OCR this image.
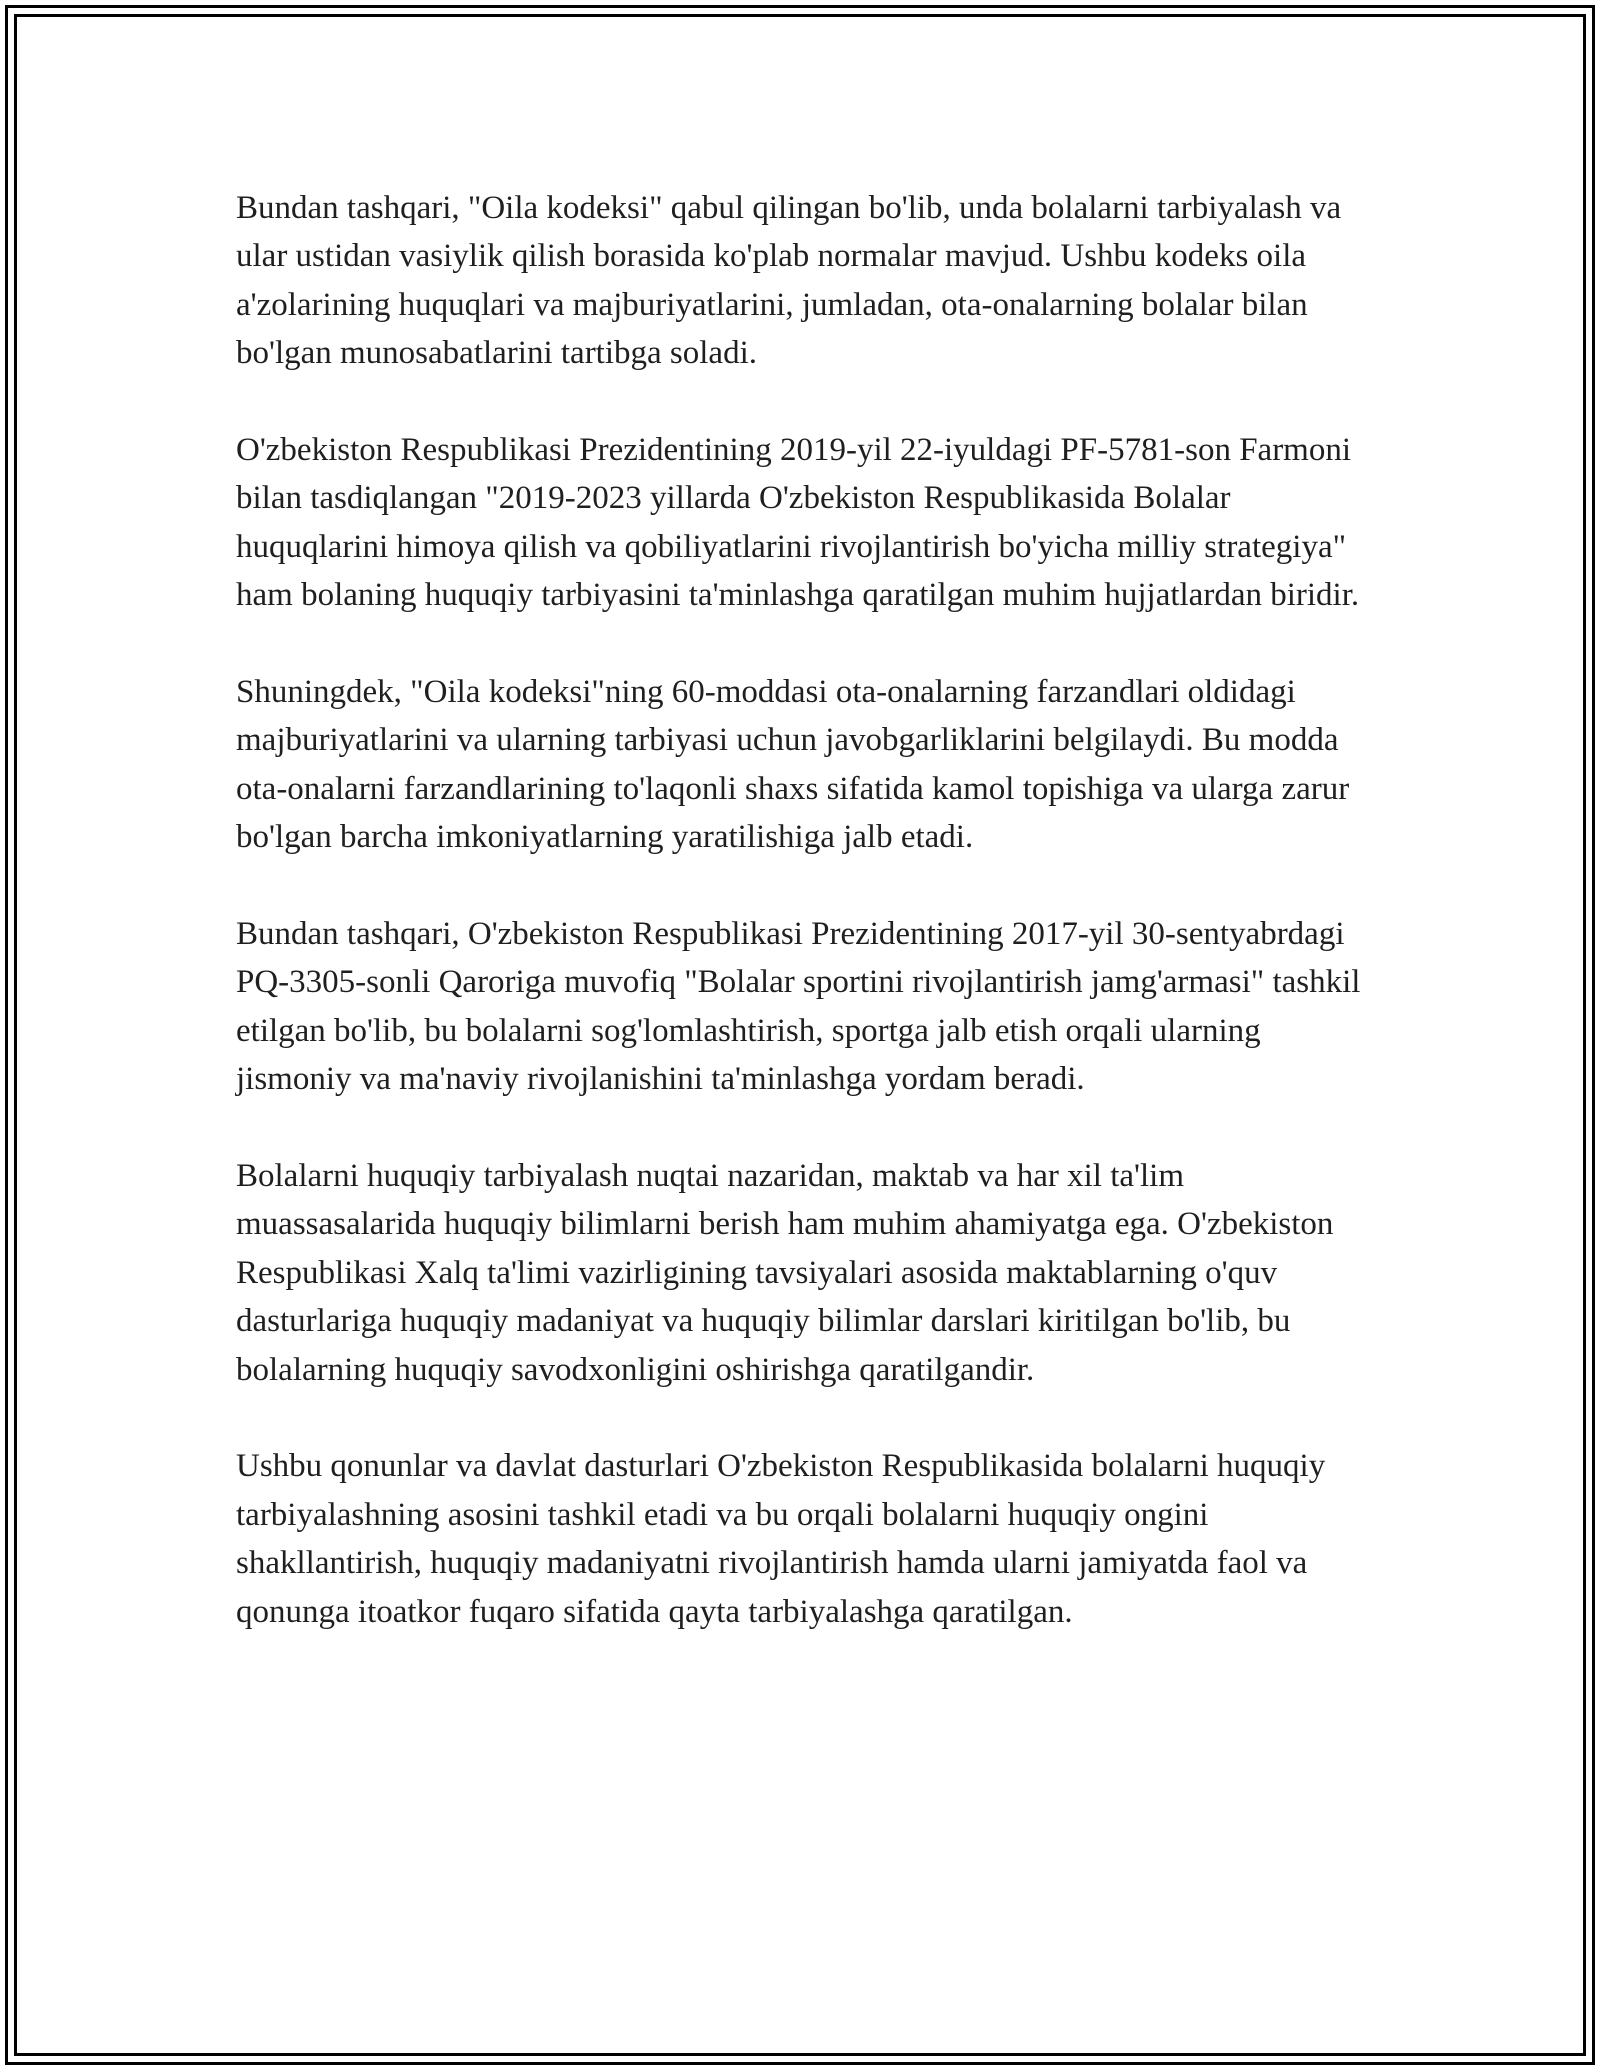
Bundan tashqari, "Oila kodeksi" qabul qilingan bo'lib, unda bolalarni tarbiyalash va ular ustidan vasiylik qilish borasida ko'plab normalar mavjud. Ushbu kodeks oila a'zolarining huquqlari va majburiyatlarini, jumladan, ota-onalarning bolalar bilan bo'lgan munosabatlarini tartibga soladi.

O'zbekiston Respublikasi Prezidentining 2019-yil 22-iyuldagi PF-5781-son Farmoni bilan tasdiqlangan "2019-2023 yillarda O'zbekiston Respublikasida Bolalar huquqlarini himoya qilish va qobiliyatlarini rivojlantirish bo'yicha milliy strategiya" ham bolaning huquqiy tarbiyasini ta'minlashga qaratilgan muhim hujjatlardan biridir.

Shuningdek, "Oila kodeksi"ning 60-moddasi ota-onalarning farzandlari oldidagi majburiyatlarini va ularning tarbiyasi uchun javobgarliklarini belgilaydi. Bu modda ota-onalarni farzandlarining to'laqonli shaxs sifatida kamol topishiga va ularga zarur bo'lgan barcha imkoniyatlarning yaratilishiga jalb etadi.

Bundan tashqari, O'zbekiston Respublikasi Prezidentining 2017-yil 30-sentyabrdagi PQ-3305-sonli Qaroriga muvofiq "Bolalar sportini rivojlantirish jamg'armasi" tashkil etilgan bo'lib, bu bolalarni sog'lomlashtirish, sportga jalb etish orqali ularning jismoniy va ma'naviy rivojlanishini ta'minlashga yordam beradi.

Bolalarni huquqiy tarbiyalash nuqtai nazaridan, maktab va har xil ta'lim muassasalarida huquqiy bilimlarni berish ham muhim ahamiyatga ega. O'zbekiston Respublikasi Xalq ta'limi vazirligining tavsiyalari asosida maktablarning o'quv dasturlariga huquqiy madaniyat va huquqiy bilimlar darslari kiritilgan bo'lib, bu bolalarning huquqiy savodxonligini oshirishga qaratilgandir.

Ushbu qonunlar va davlat dasturlari O'zbekiston Respublikasida bolalarni huquqiy tarbiyalashning asosini tashkil etadi va bu orqali bolalarni huquqiy ongini shakllantirish, huquqiy madaniyatni rivojlantirish hamda ularni jamiyatda faol va qonunga itoatkor fuqaro sifatida qayta tarbiyalashga qaratilgan.
